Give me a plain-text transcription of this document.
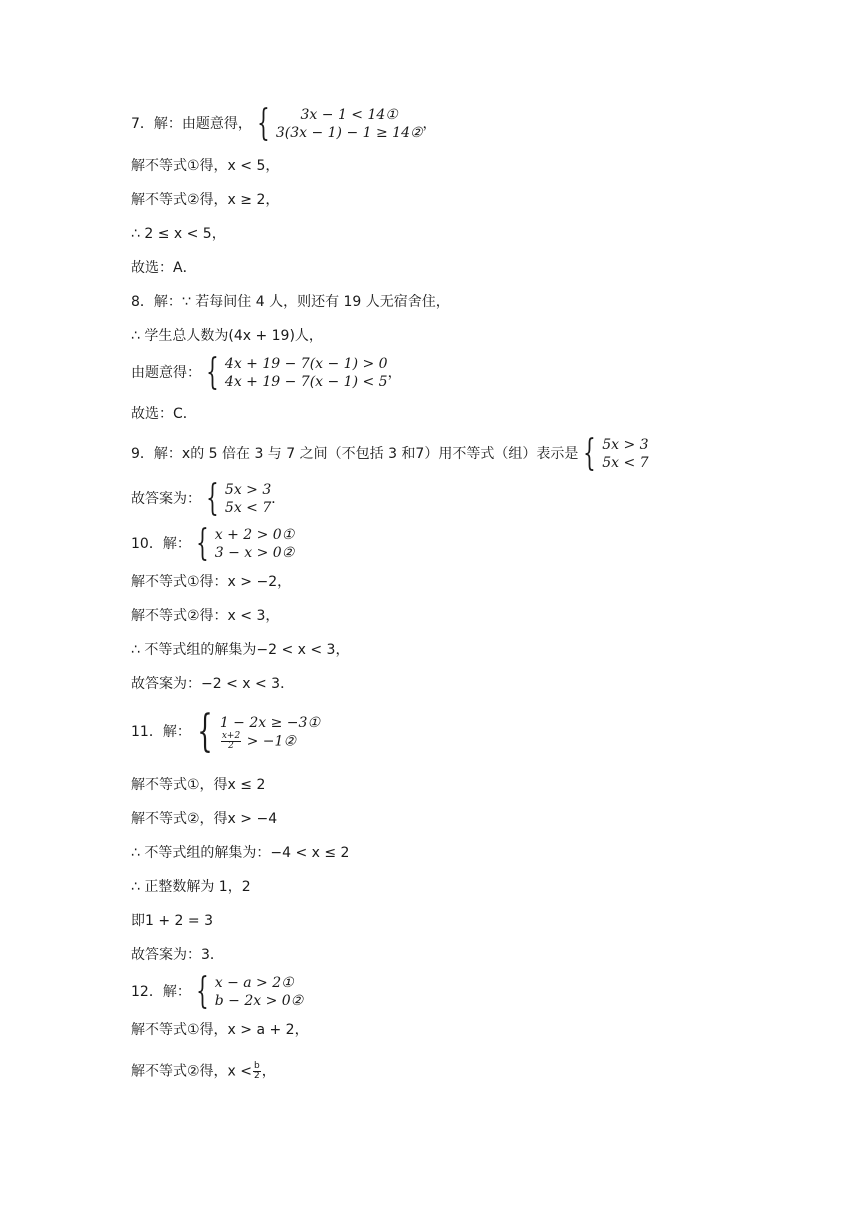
7．解：由题意得， { 3x − 1 < 14①
3(3x − 1) − 1 ≥ 14②
，
解不等式①得，x < 5，
解不等式②得，x ≥ 2，
∴ 2 ≤ x < 5，
故选：A．
8．解：∵ 若每间住 4 人，则还有 19 人无宿舍住，
∴ 学生总人数为(4x + 19)人，
由题意得： { 4x + 19 − 7(x − 1) > 0
4x + 19 − 7(x − 1) < 5
，
故选：C．
9．解：x的 5 倍在 3 与 7 之间（不包括 3 和7）用不等式（组）表示是 { 5x > 3
5x < 7
故答案为： { 5x > 3
5x < 7
．
10．解： { x + 2 > 0①
3 − x > 0②
解不等式①得：x > −2，
解不等式②得：x < 3，
∴ 不等式组的解集为−2 < x < 3，
故答案为：−2 < x < 3．
11．解： { 1 − 2x ≥ −3①
$\frac{x+2}{2}$ > −1②
解不等式①，得x ≤ 2
解不等式②，得x > −4
∴ 不等式组的解集为：−4 < x ≤ 2
∴ 正整数解为 1，2
即1 + 2 = 3
故答案为：3．
12．解： { x − a > 2①
b − 2x > 0②
解不等式①得，x > a + 2，
解不等式②得，$x < \frac{b}{2}$ ，
